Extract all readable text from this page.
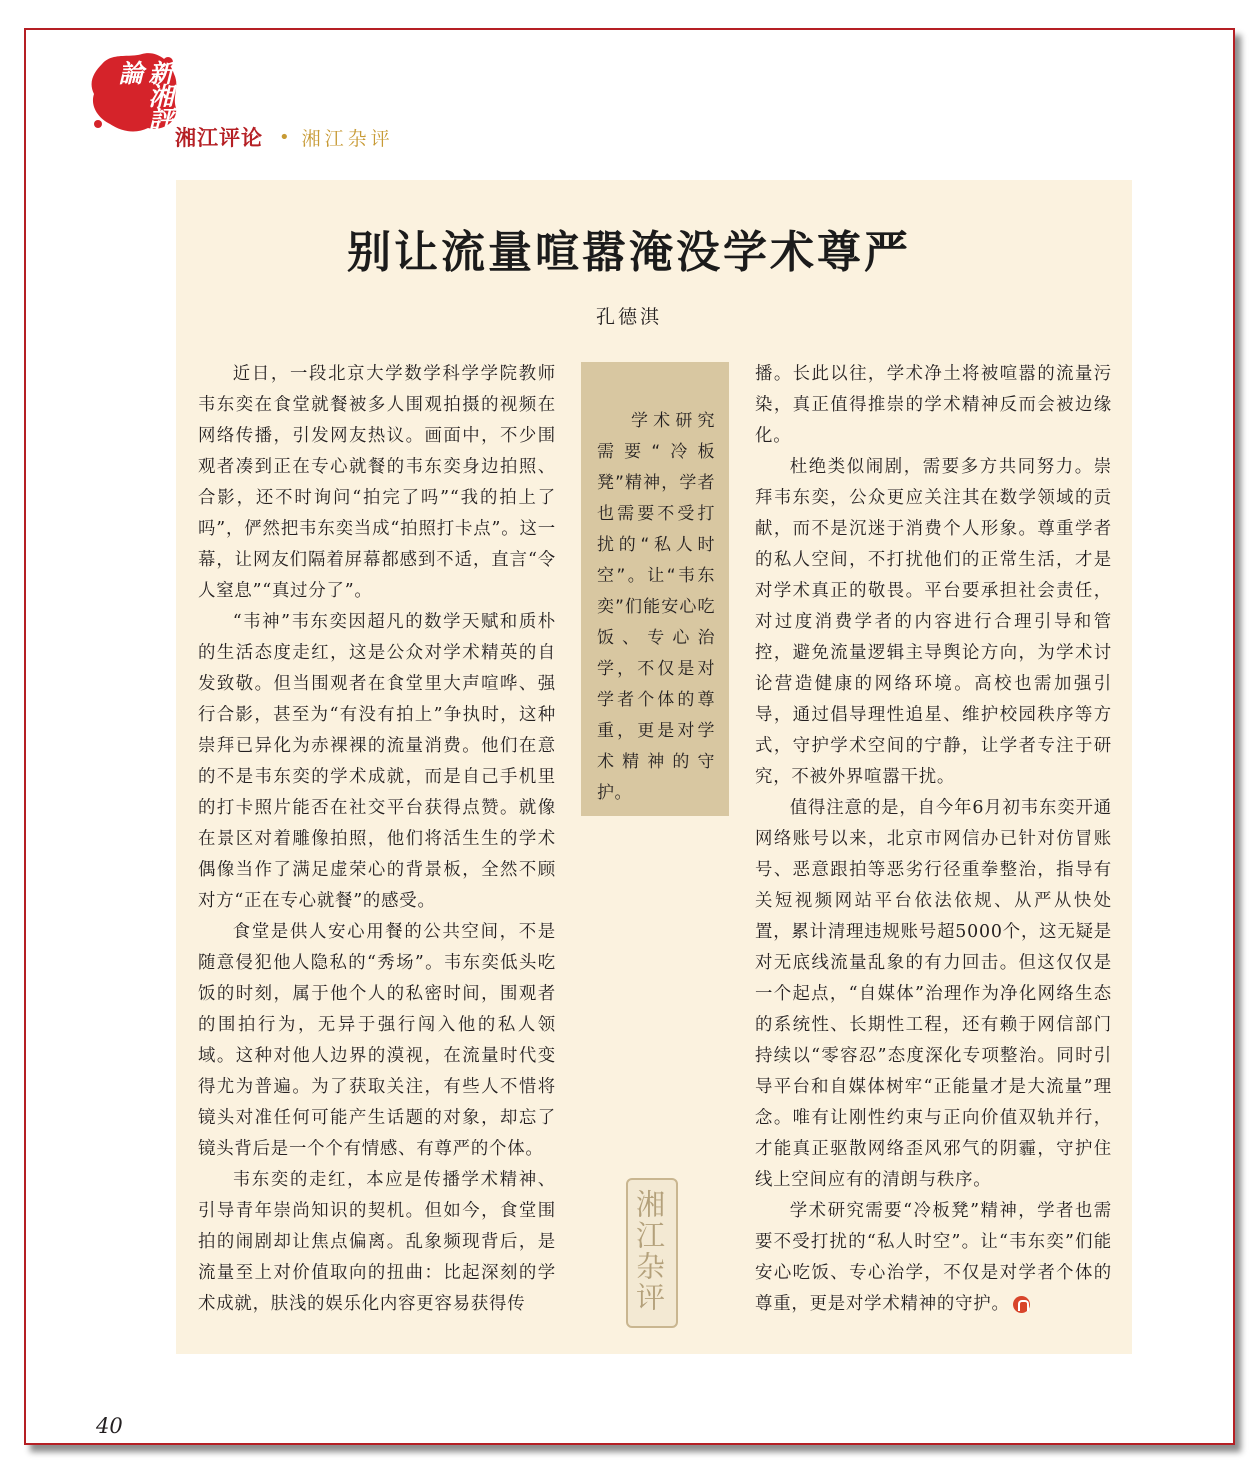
新湘評論
湘江评论 • 湘江杂评
别让流量喧嚣淹没学术尊严
孔德淇

近日，一段北京大学数学科学学院教师韦东奕在食堂就餐被多人围观拍摄的视频在网络传播，引发网友热议。画面中，不少围观者凑到正在专心就餐的韦东奕身边拍照、合影，还不时询问“拍完了吗”“我的拍上了吗”，俨然把韦东奕当成“拍照打卡点”。这一幕，让网友们隔着屏幕都感到不适，直言“令人窒息”“真过分了”。

“韦神”韦东奕因超凡的数学天赋和质朴的生活态度走红，这是公众对学术精英的自发致敬。但当围观者在食堂里大声喧哗、强行合影，甚至为“有没有拍上”争执时，这种崇拜已异化为赤裸裸的流量消费。他们在意的不是韦东奕的学术成就，而是自己手机里的打卡照片能否在社交平台获得点赞。就像在景区对着雕像拍照，他们将活生生的学术偶像当作了满足虚荣心的背景板，全然不顾对方“正在专心就餐”的感受。

食堂是供人安心用餐的公共空间，不是随意侵犯他人隐私的“秀场”。韦东奕低头吃饭的时刻，属于他个人的私密时间，围观者的围拍行为，无异于强行闯入他的私人领域。这种对他人边界的漠视，在流量时代变得尤为普遍。为了获取关注，有些人不惜将镜头对准任何可能产生话题的对象，却忘了镜头背后是一个个有情感、有尊严的个体。

韦东奕的走红，本应是传播学术精神、引导青年崇尚知识的契机。但如今，食堂围拍的闹剧却让焦点偏离。乱象频现背后，是流量至上对价值取向的扭曲：比起深刻的学术成就，肤浅的娱乐化内容更容易获得传

学术研究需要“冷板凳”精神，学者也需要不受打扰的“私人时空”。让“韦东奕”们能安心吃饭、专心治学，不仅是对学者个体的尊重，更是对学术精神的守护。

播。长此以往，学术净土将被喧嚣的流量污染，真正值得推崇的学术精神反而会被边缘化。

杜绝类似闹剧，需要多方共同努力。崇拜韦东奕，公众更应关注其在数学领域的贡献，而不是沉迷于消费个人形象。尊重学者的私人空间，不打扰他们的正常生活，才是对学术真正的敬畏。平台要承担社会责任，对过度消费学者的内容进行合理引导和管控，避免流量逻辑主导舆论方向，为学术讨论营造健康的网络环境。高校也需加强引导，通过倡导理性追星、维护校园秩序等方式，守护学术空间的宁静，让学者专注于研究，不被外界喧嚣干扰。

值得注意的是，自今年6月初韦东奕开通网络账号以来，北京市网信办已针对仿冒账号、恶意跟拍等恶劣行径重拳整治，指导有关短视频网站平台依法依规、从严从快处置，累计清理违规账号超5000个，这无疑是对无底线流量乱象的有力回击。但这仅仅是一个起点，“自媒体”治理作为净化网络生态的系统性、长期性工程，还有赖于网信部门持续以“零容忍”态度深化专项整治。同时引导平台和自媒体树牢“正能量才是大流量”理念。唯有让刚性约束与正向价值双轨并行，才能真正驱散网络歪风邪气的阴霾，守护住线上空间应有的清朗与秩序。

学术研究需要“冷板凳”精神，学者也需要不受打扰的“私人时空”。让“韦东奕”们能安心吃饭、专心治学，不仅是对学者个体的尊重，更是对学术精神的守护。

湘江杂评
40
